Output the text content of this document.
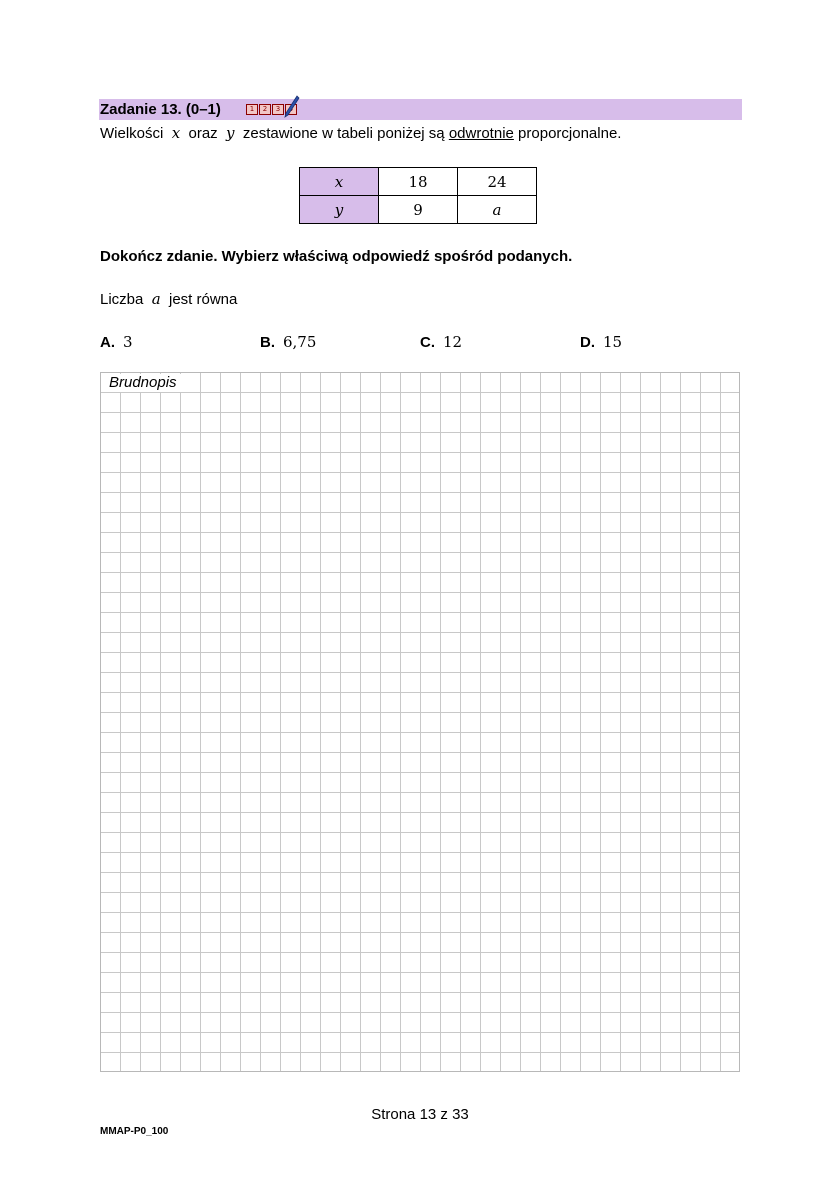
Zadanie 13. (0–1)	1	2	3
Wielkości x oraz y zestawione w tabeli poniżej są odwrotnie proporcjonalne.
x	18	24
y	9	a
Dokończ zdanie. Wybierz właściwą odpowiedź spośród podanych.
Liczba a jest równa
A. 3	B. 6,75	C. 12	D. 15
Brudnopis
Strona 13 z 33
MMAP-P0_100
